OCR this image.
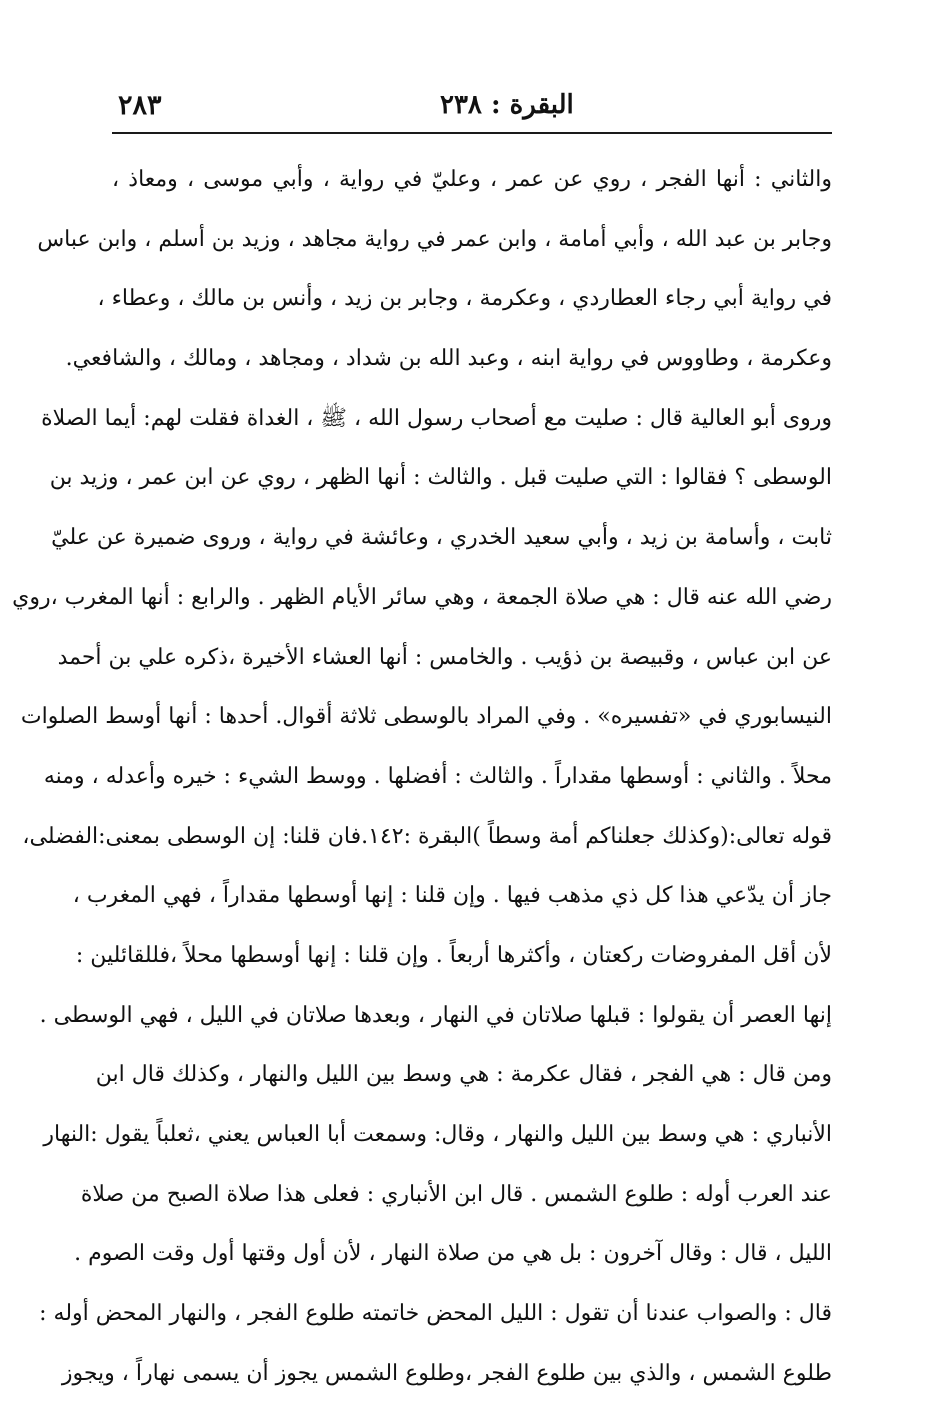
٢٨٣	البقرة : ٢٣٨
والثاني : أنها الفجر ، روي عن عمر ، وعليّ في رواية ، وأبي موسى ، ومعاذ ،
وجابر بن عبد الله ، وأبي أمامة ، وابن عمر في رواية مجاهد ، وزيد بن أسلم ، وابن عباس
في رواية أبي رجاء العطاردي ، وعكرمة ، وجابر بن زيد ، وأنس بن مالك ، وعطاء ،
وعكرمة ، وطاووس في رواية ابنه ، وعبد الله بن شداد ، ومجاهد ، ومالك ، والشافعي.
وروى أبو العالية قال : صليت مع أصحاب رسول الله ، ﷺ ، الغداة فقلت لهم: أيما الصلاة
الوسطى ؟ فقالوا : التي صليت قبل . والثالث : أنها الظهر ، روي عن ابن عمر ، وزيد بن
ثابت ، وأسامة بن زيد ، وأبي سعيد الخدري ، وعائشة في رواية ، وروى ضميرة عن عليّ
رضي الله عنه قال : هي صلاة الجمعة ، وهي سائر الأيام الظهر . والرابع : أنها المغرب ،روي
عن ابن عباس ، وقبيصة بن ذؤيب . والخامس : أنها العشاء الأخيرة ،ذكره علي بن أحمد
النيسابوري في «تفسيره» . وفي المراد بالوسطى ثلاثة أقوال. أحدها : أنها أوسط الصلوات
محلاً . والثاني : أوسطها مقداراً . والثالث : أفضلها . ووسط الشيء : خيره وأعدله ، ومنه
قوله تعالى:(وكذلك جعلناكم أمة وسطاً )البقرة :١٤٢.فان قلنا: إن الوسطى بمعنى:الفضلى،
جاز أن يدّعي هذا كل ذي مذهب فيها . وإن قلنا : إنها أوسطها مقداراً ، فهي المغرب ،
لأن أقل المفروضات ركعتان ، وأكثرها أربعاً . وإن قلنا : إنها أوسطها محلاً ،فللقائلين :
إنها العصر أن يقولوا : قبلها صلاتان في النهار ، وبعدها صلاتان في الليل ، فهي الوسطى .
ومن قال : هي الفجر ، فقال عكرمة : هي وسط بين الليل والنهار ، وكذلك قال ابن
الأنباري : هي وسط بين الليل والنهار ، وقال: وسمعت أبا العباس يعني ،ثعلباً يقول :النهار
عند العرب أوله : طلوع الشمس . قال ابن الأنباري : فعلى هذا صلاة الصبح من صلاة
الليل ، قال : وقال آخرون : بل هي من صلاة النهار ، لأن أول وقتها أول وقت الصوم .
قال : والصواب عندنا أن تقول : الليل المحض خاتمته طلوع الفجر ، والنهار المحض أوله :
طلوع الشمس ، والذي بين طلوع الفجر ،وطلوع الشمس يجوز أن يسمى نهاراً ، ويجوز
